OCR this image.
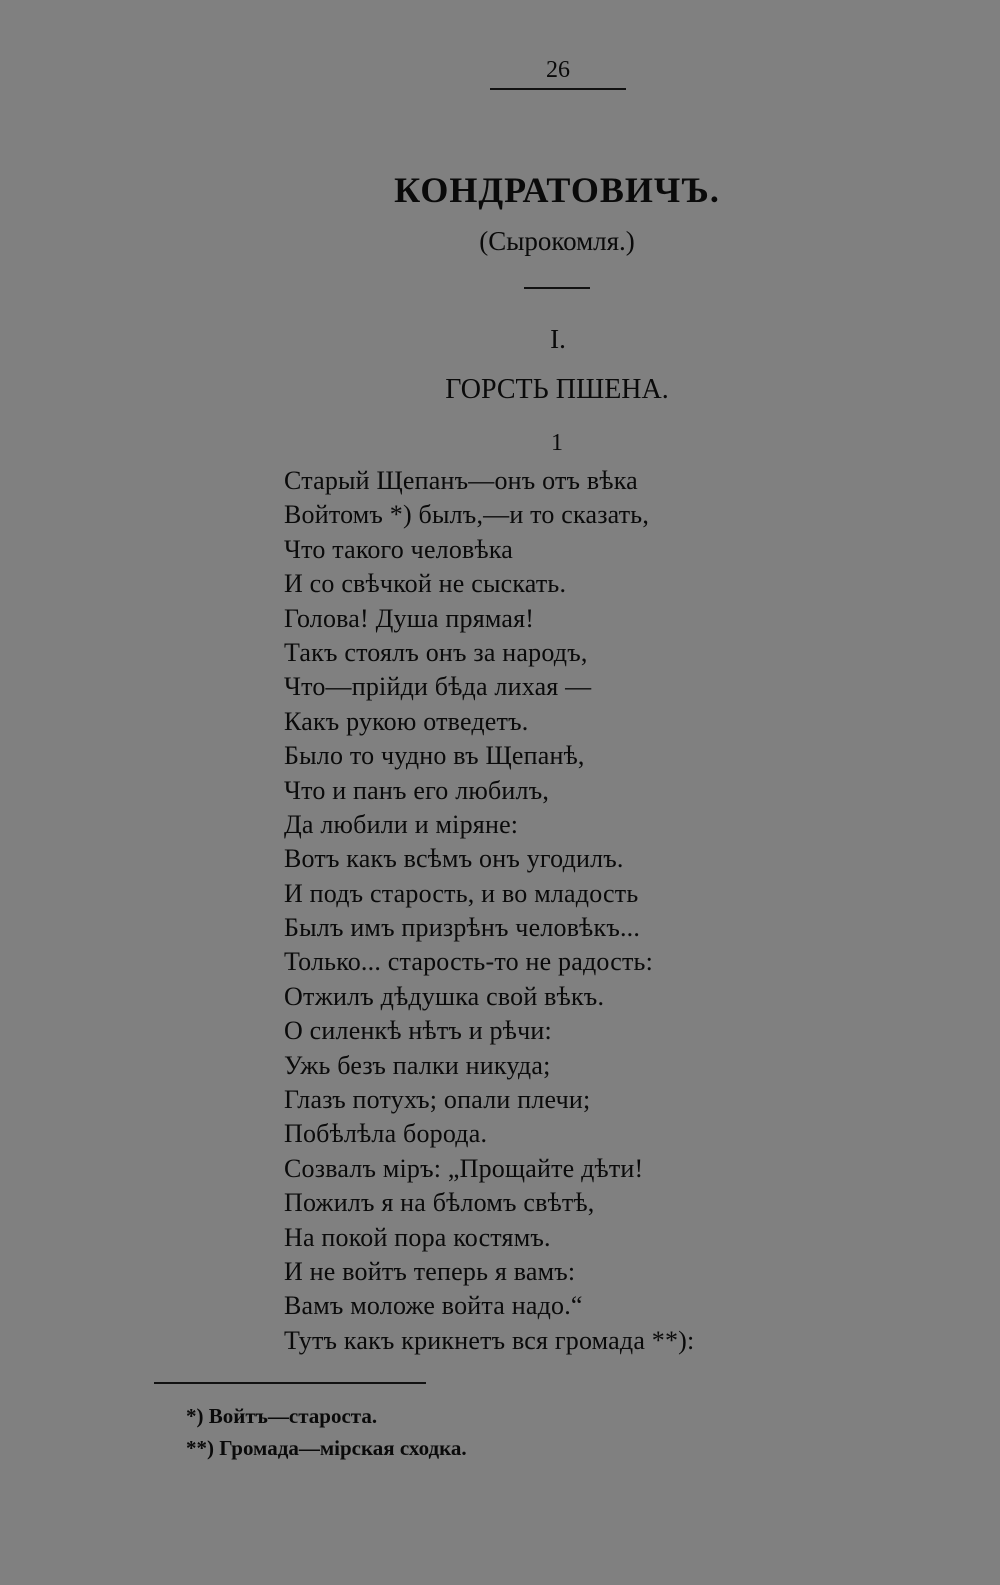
26
КОНДРАТОВИЧЪ.
(Сырокомля.)
I.
ГОРСТЬ ПШЕНА.
1
Старый Щепанъ—онъ отъ вѣка
Войтомъ *) былъ,—и то сказать,
Что такого человѣка
И со свѣчкой не сыскать.
Голова! Душа прямая!
Такъ стоялъ онъ за народъ,
Что—прійди бѣда лихая —
Какъ рукою отведетъ.
Было то чудно въ Щепанѣ,
Что и панъ его любилъ,
Да любили и міряне:
Вотъ какъ всѣмъ онъ угодилъ.
И подъ старость, и во младость
Былъ имъ призрѣнъ человѣкъ...
Только... старость-то не радость:
Отжилъ дѣдушка свой вѣкъ.
О силенкѣ нѣтъ и рѣчи:
Ужь безъ палки никуда;
Глазъ потухъ; опали плечи;
Побѣлѣла борода.
Созвалъ міръ: „Прощайте дѣти!
Пожилъ я на бѣломъ свѣтѣ,
На покой пора костямъ.
И не войтъ теперь я вамъ:
Вамъ моложе войта надо.“
Тутъ какъ крикнетъ вся громада **):
*) Войтъ—староста.
**) Громада—мірская сходка.
